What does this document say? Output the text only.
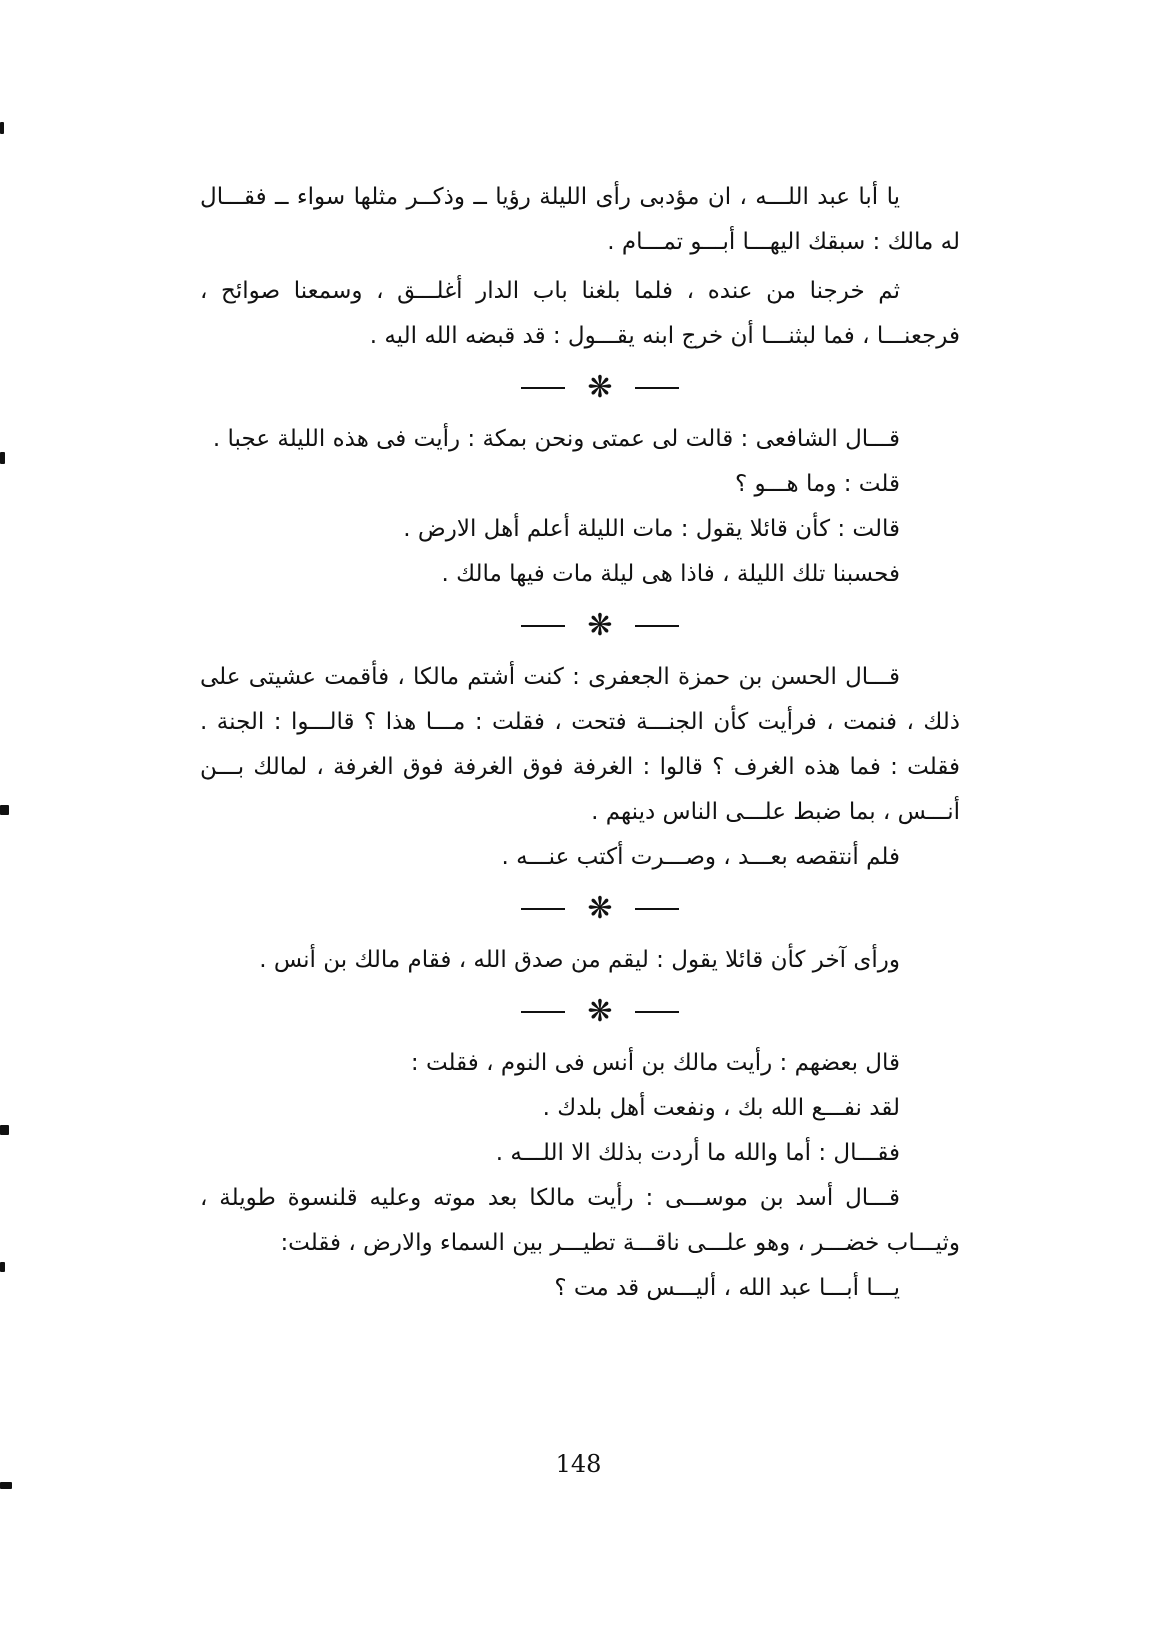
يا أبا عبد اللـــه ، ان مؤدبى رأى الليلة رؤيا ــ وذكــر مثلها سواء ــ فقـــال له مالك : سبقك اليهـــا أبـــو تمـــام .

ثم خرجنا من عنده ، فلما بلغنا باب الدار أغلـــق ، وسمعنا صوائح ، فرجعنـــا ، فما لبثنـــا أن خرج ابنه يقـــول : قد قبضه الله اليه .

❋

قـــال الشافعى : قالت لى عمتى ونحن بمكة : رأيت فى هذه الليلة عجبا .

قلت : وما هـــو ؟

قالت : كأن قائلا يقول : مات الليلة أعلم أهل الارض .

فحسبنا تلك الليلة ، فاذا هى ليلة مات فيها مالك .

❋

قـــال الحسن بن حمزة الجعفرى : كنت أشتم مالكا ، فأقمت عشيتى على ذلك ، فنمت ، فرأيت كأن الجنـــة فتحت ، فقلت : مـــا هذا ؟ قالـــوا : الجنة . فقلت : فما هذه الغرف ؟ قالوا : الغرفة فوق الغرفة فوق الغرفة ، لمالك بـــن أنـــس ، بما ضبط علـــى الناس دينهم .

فلم أنتقصه بعـــد ، وصـــرت أكتب عنـــه .

❋

ورأى آخر كأن قائلا يقول : ليقم من صدق الله ، فقام مالك بن أنس .

❋

قال بعضهم : رأيت مالك بن أنس فى النوم ، فقلت :

لقد نفـــع الله بك ، ونفعت أهل بلدك .

فقـــال : أما والله ما أردت بذلك الا اللـــه .

قـــال أسد بن موســـى : رأيت مالكا بعد موته وعليه قلنسوة طويلة ، وثيـــاب خضـــر ، وهو علـــى ناقـــة تطيـــر بين السماء والارض ، فقلت:

يـــا أبـــا عبد الله ، أليـــس قد مت ؟

148
